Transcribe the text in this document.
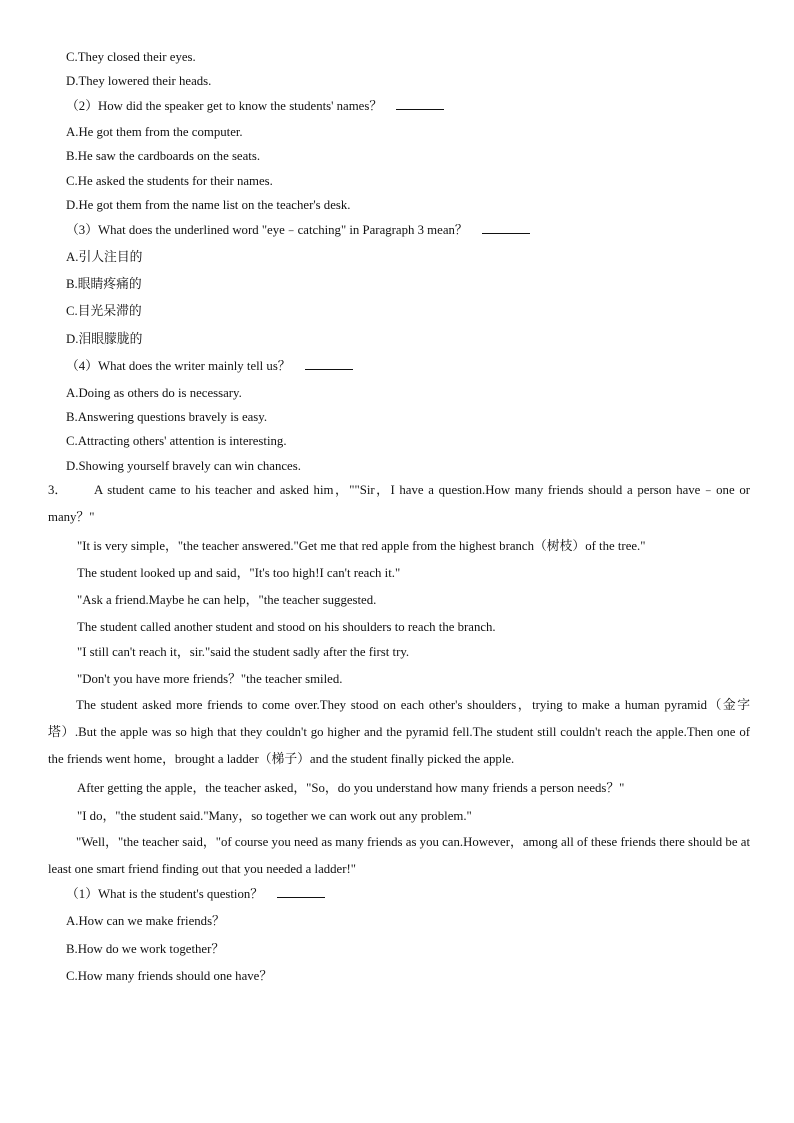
C.They closed their eyes.
D.They lowered their heads.
（2）How did the speaker get to know the students' names？
A.He got them from the computer.
B.He saw the cardboards on the seats.
C.He asked the students for their names.
D.He got them from the name list on the teacher's desk.
（3）What does the underlined word "eye﹣catching" in Paragraph 3 mean？
A.引人注目的
B.眼睛疼痛的
C.目光呆滞的
D.泪眼朦胧的
（4）What does the writer mainly tell us？
A.Doing as others do is necessary.
B.Answering questions bravely is easy.
C.Attracting others' attention is interesting.
D.Showing yourself bravely can win chances.
3． A student came to his teacher and asked him，""Sir，I have a question.How many friends should a person have﹣one or many？"
"It is very simple，"the teacher answered."Get me that red apple from the highest branch（树枝）of the tree."
The student looked up and said，"It's too high!I can't reach it."
"Ask a friend.Maybe he can help，"the teacher suggested.
The student called another student and stood on his shoulders to reach the branch.
"I still can't reach it，sir."said the student sadly after the first try.
"Don't you have more friends？"the teacher smiled.
The student asked more friends to come over.They stood on each other's shoulders，trying to make a human pyramid（金字塔）.But the apple was so high that they couldn't go higher and the pyramid fell.The student still couldn't reach the apple.Then one of the friends went home，brought a ladder（梯子）and the student finally picked the apple.
After getting the apple，the teacher asked，"So，do you understand how many friends a person needs？"
"I do，"the student said."Many，so together we can work out any problem."
"Well，"the teacher said，"of course you need as many friends as you can.However，among all of these friends there should be at least one smart friend finding out that you needed a ladder!"
（1）What is the student's question？
A.How can we make friends？
B.How do we work together？
C.How many friends should one have？
